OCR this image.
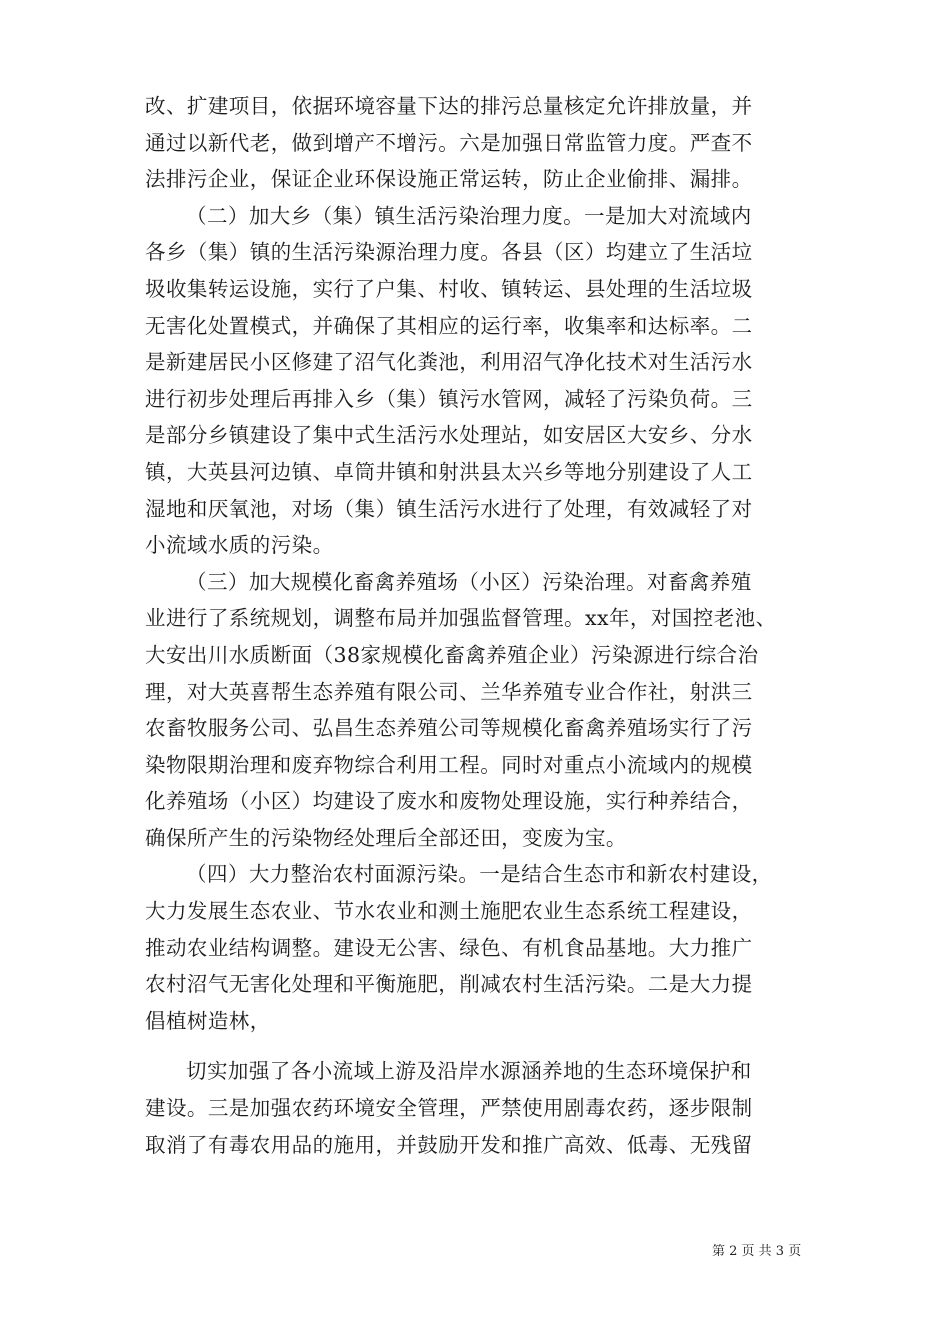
改、扩建项目，依据环境容量下达的排污总量核定允许排放量，并
通过以新代老，做到增产不增污。六是加强日常监管力度。严查不
法排污企业，保证企业环保设施正常运转，防止企业偷排、漏排。
（二）加大乡（集）镇生活污染治理力度。一是加大对流域内
各乡（集）镇的生活污染源治理力度。各县（区）均建立了生活垃
圾收集转运设施，实行了户集、村收、镇转运、县处理的生活垃圾
无害化处置模式，并确保了其相应的运行率，收集率和达标率。二
是新建居民小区修建了沼气化粪池，利用沼气净化技术对生活污水
进行初步处理后再排入乡（集）镇污水管网，减轻了污染负荷。三
是部分乡镇建设了集中式生活污水处理站，如安居区大安乡、分水
镇，大英县河边镇、卓筒井镇和射洪县太兴乡等地分别建设了人工
湿地和厌氧池，对场（集）镇生活污水进行了处理，有效减轻了对
小流域水质的污染。
（三）加大规模化畜禽养殖场（小区）污染治理。对畜禽养殖
业进行了系统规划，调整布局并加强监督管理。xx年，对国控老池、
大安出川水质断面（38家规模化畜禽养殖企业）污染源进行综合治
理，对大英喜帮生态养殖有限公司、兰华养殖专业合作社，射洪三
农畜牧服务公司、弘昌生态养殖公司等规模化畜禽养殖场实行了污
染物限期治理和废弃物综合利用工程。同时对重点小流域内的规模
化养殖场（小区）均建设了废水和废物处理设施，实行种养结合，
确保所产生的污染物经处理后全部还田，变废为宝。
（四）大力整治农村面源污染。一是结合生态市和新农村建设，
大力发展生态农业、节水农业和测土施肥农业生态系统工程建设，
推动农业结构调整。建设无公害、绿色、有机食品基地。大力推广
农村沼气无害化处理和平衡施肥，削减农村生活污染。二是大力提
倡植树造林，
切实加强了各小流域上游及沿岸水源涵养地的生态环境保护和
建设。三是加强农药环境安全管理，严禁使用剧毒农药，逐步限制
取消了有毒农用品的施用，并鼓励开发和推广高效、低毒、无残留
第 2 页 共 3 页
